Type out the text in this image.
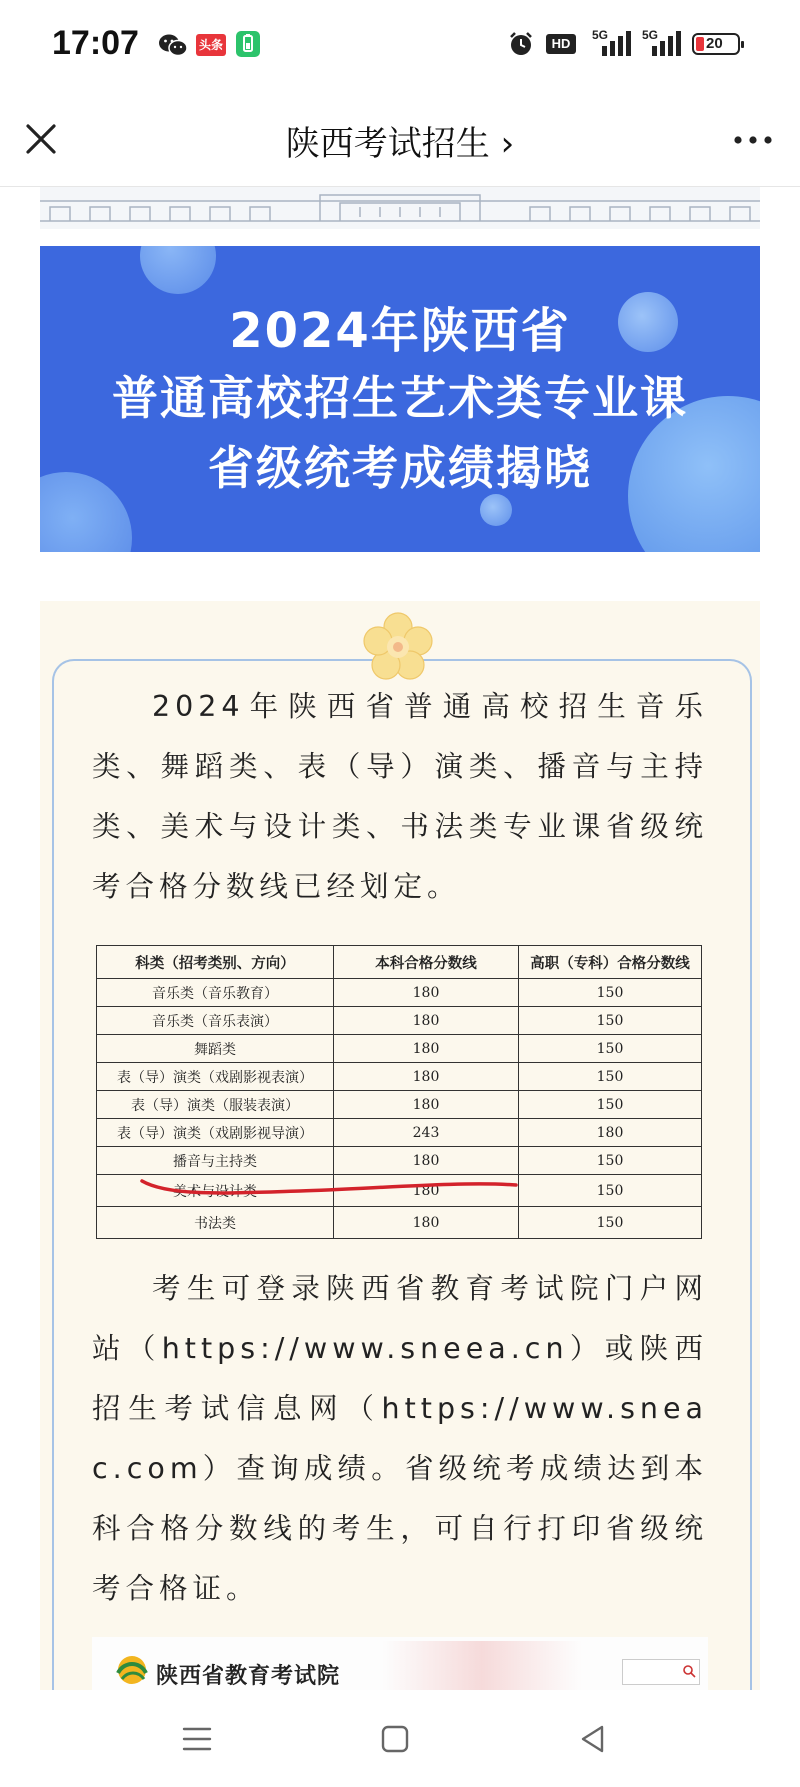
17:07	头条	HD
5G	5G	20
陕西考试招生 ›
2024年陕西省
普通高校招生艺术类专业课
省级统考成绩揭晓
2024年陕西省普通高校招生音乐类、舞蹈类、表（导）演类、播音与主持类、美术与设计类、书法类专业课省级统考合格分数线已经划定。
科类（招考类别、方向）	本科合格分数线	高职（专科）合格分数线
音乐类（音乐教育）	180	150
音乐类（音乐表演）	180	150
舞蹈类	180	150
表（导）演类（戏剧影视表演）	180	150
表（导）演类（服装表演）	180	150
表（导）演类（戏剧影视导演）	243	180
播音与主持类	180	150
美术与设计类	180	150
书法类	180	150
考生可登录陕西省教育考试院门户网站（https://www.sneea.cn）或陕西招生考试信息网（https://www.sneac.com）查询成绩。省级统考成绩达到本科合格分数线的考生，可自行打印省级统考合格证。
陕西省教育考试院
